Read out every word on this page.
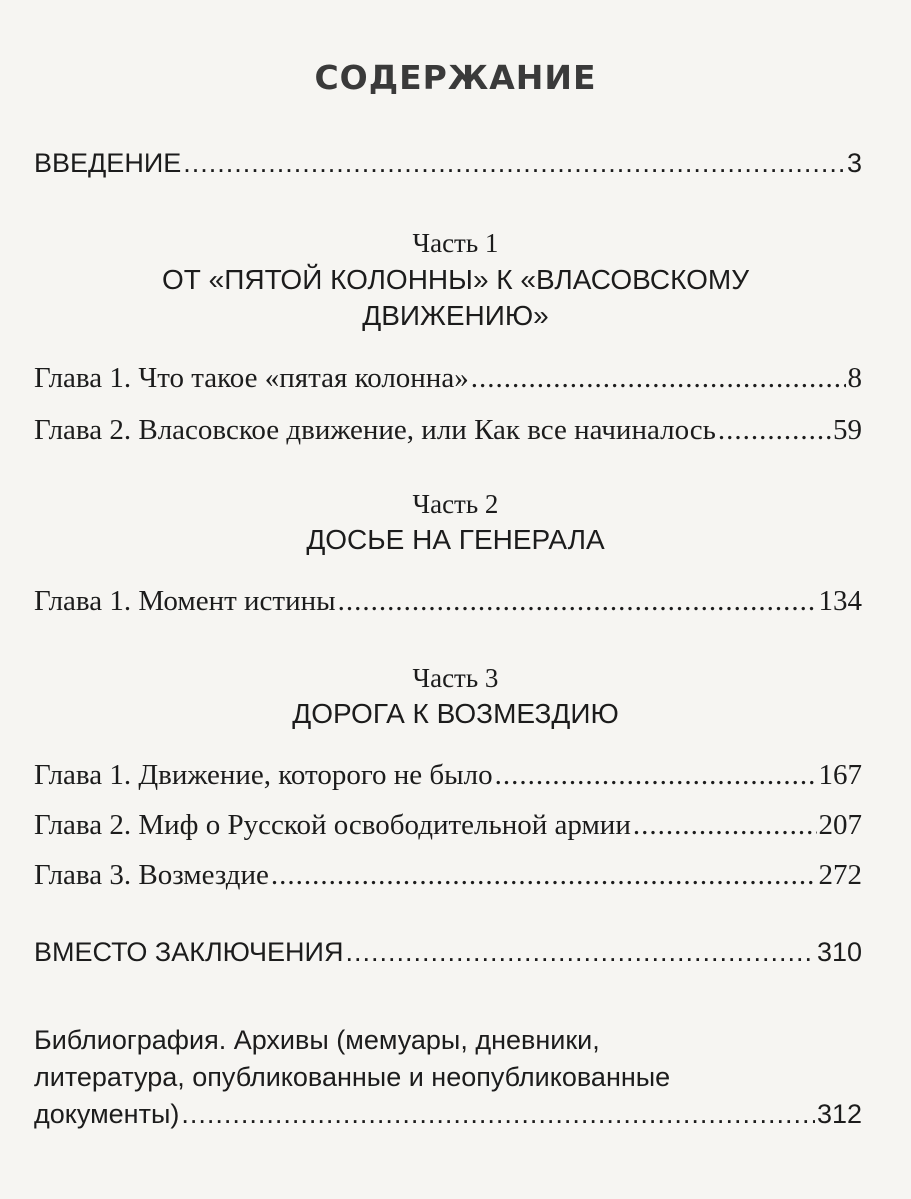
СОДЕРЖАНИЕ
ВВЕДЕНИЕ .....	3
Часть 1
ОТ «ПЯТОЙ КОЛОННЫ» К «ВЛАСОВСКОМУ
ДВИЖЕНИЮ»
Глава 1. Что такое «пятая колонна» .....	8
Глава 2. Власовское движение, или Как все начиналось .....	59
Часть 2
ДОСЬЕ НА ГЕНЕРАЛА
Глава 1. Момент истины .....	134
Часть 3
ДОРОГА К ВОЗМЕЗДИЮ
Глава 1. Движение, которого не было .....	167
Глава 2. Миф о Русской освободительной армии .....	207
Глава 3. Возмездие .....	272
ВМЕСТО ЗАКЛЮЧЕНИЯ .....	310
Библиография. Архивы (мемуары, дневники,
литература, опубликованные и неопубликованные
документы) .....	312
